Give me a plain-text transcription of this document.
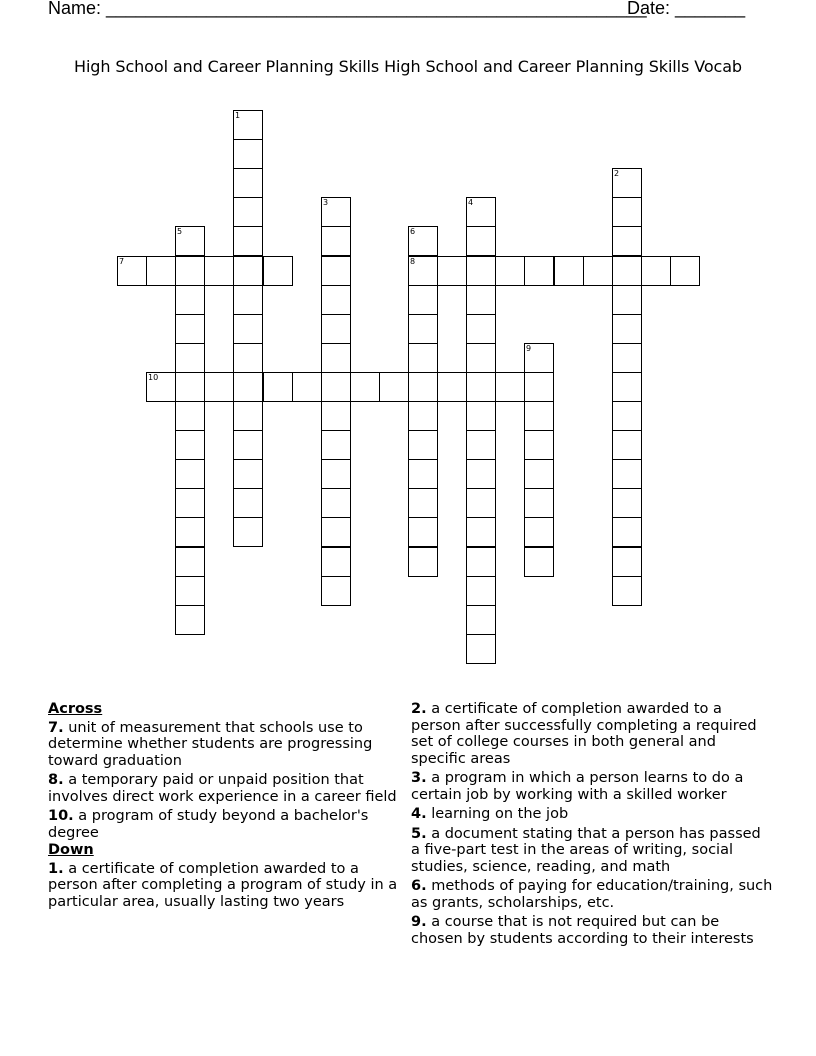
Name: ______________________________________________________
Date: _______
High School and Career Planning Skills High School and Career Planning Skills Vocab
1
2
3	4
5	6
8
7
9
10
Across
7. unit of measurement that schools use to determine whether students are progressing toward graduation
8. a temporary paid or unpaid position that involves direct work experience in a career field
10. a program of study beyond a bachelor's degree
Down
1. a certificate of completion awarded to a person after completing a program of study in a particular area, usually lasting two years
2. a certificate of completion awarded to a person after successfully completing a required set of college courses in both general and specific areas
3. a program in which a person learns to do a certain job by working with a skilled worker
4. learning on the job
5. a document stating that a person has passed a five-part test in the areas of writing, social studies, science, reading, and math
6. methods of paying for education/training, such as grants, scholarships, etc.
9. a course that is not required but can be chosen by students according to their interests
